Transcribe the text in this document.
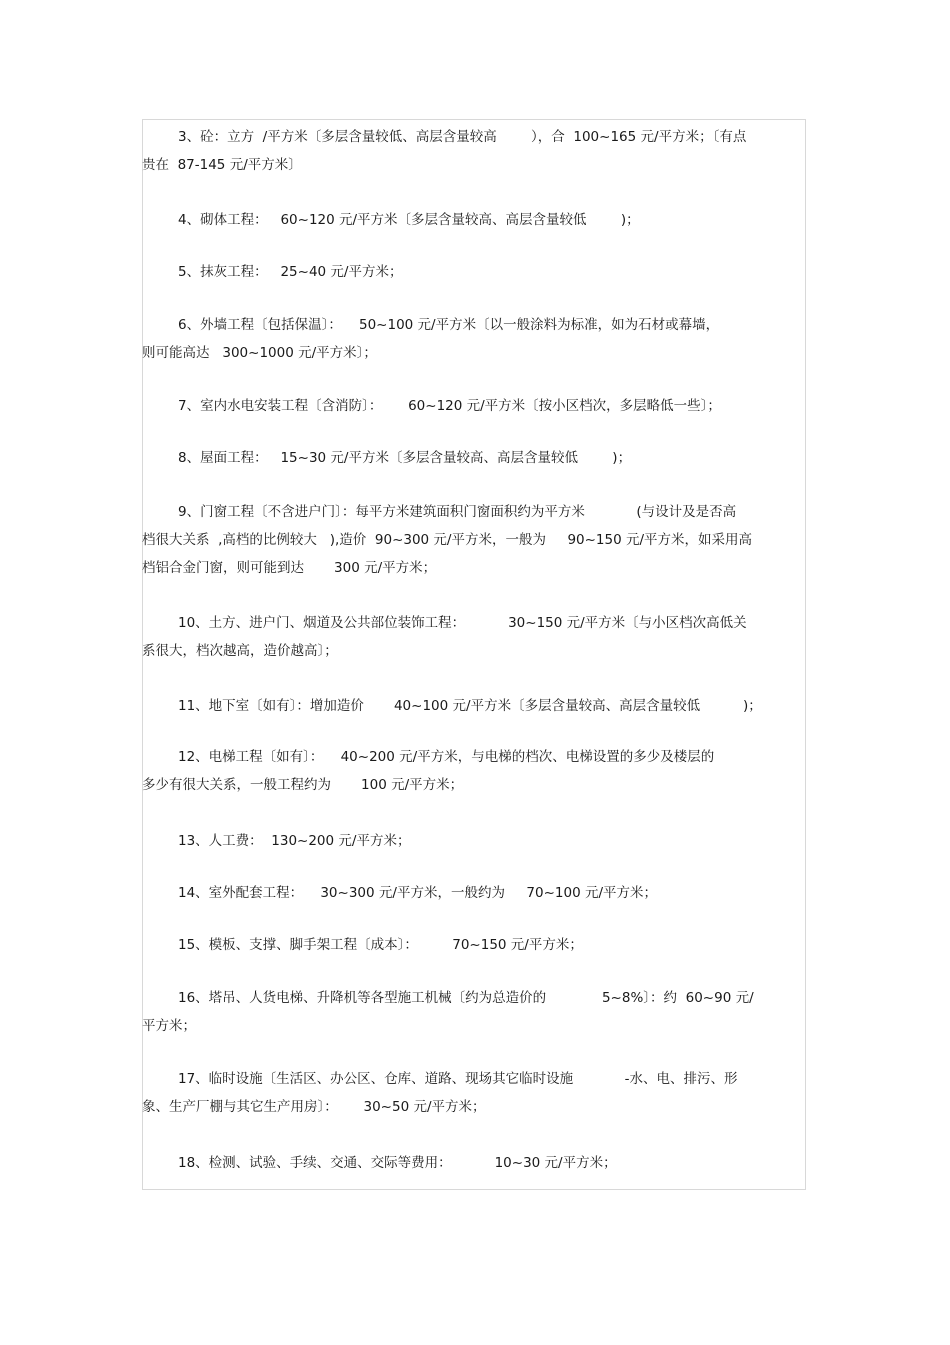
3、砼：立方  /平方米〔多层含量较低、高层含量较高        ），合  100~165 元/平方米；〔有点
贵在  87-145 元/平方米〕

4、砌体工程：   60~120 元/平方米〔多层含量较高、高层含量较低        )；

5、抹灰工程：   25~40 元/平方米；

6、外墙工程〔包括保温〕：    50~100 元/平方米〔以一般涂料为标准，如为石材或幕墙，
则可能高达   300~1000 元/平方米〕；

7、室内水电安装工程〔含消防〕：      60~120 元/平方米〔按小区档次，多层略低一些〕；

8、屋面工程：   15~30 元/平方米〔多层含量较高、高层含量较低        )；

9、门窗工程〔不含进户门〕：每平方米建筑面积门窗面积约为平方米            (与设计及是否高
档很大关系  ,高档的比例较大   ),造价  90~300 元/平方米，一般为     90~150 元/平方米，如采用高
档铝合金门窗，则可能到达       300 元/平方米；

10、土方、进户门、烟道及公共部位装饰工程：          30~150 元/平方米〔与小区档次高低关
系很大，档次越高，造价越高〕；

11、地下室〔如有〕：增加造价       40~100 元/平方米〔多层含量较高、高层含量较低          )；

12、电梯工程〔如有〕：    40~200 元/平方米，与电梯的档次、电梯设置的多少及楼层的
多少有很大关系，一般工程约为       100 元/平方米；

13、人工费：  130~200 元/平方米；

14、室外配套工程：    30~300 元/平方米，一般约为     70~100 元/平方米；

15、模板、支撑、脚手架工程〔成本〕：        70~150 元/平方米；

16、塔吊、人货电梯、升降机等各型施工机械〔约为总造价的             5~8%〕：约  60~90 元/
平方米；

17、临时设施〔生活区、办公区、仓库、道路、现场其它临时设施            -水、电、排污、形
象、生产厂棚与其它生产用房〕：      30~50 元/平方米；

18、检测、试验、手续、交通、交际等费用：          10~30 元/平方米；
